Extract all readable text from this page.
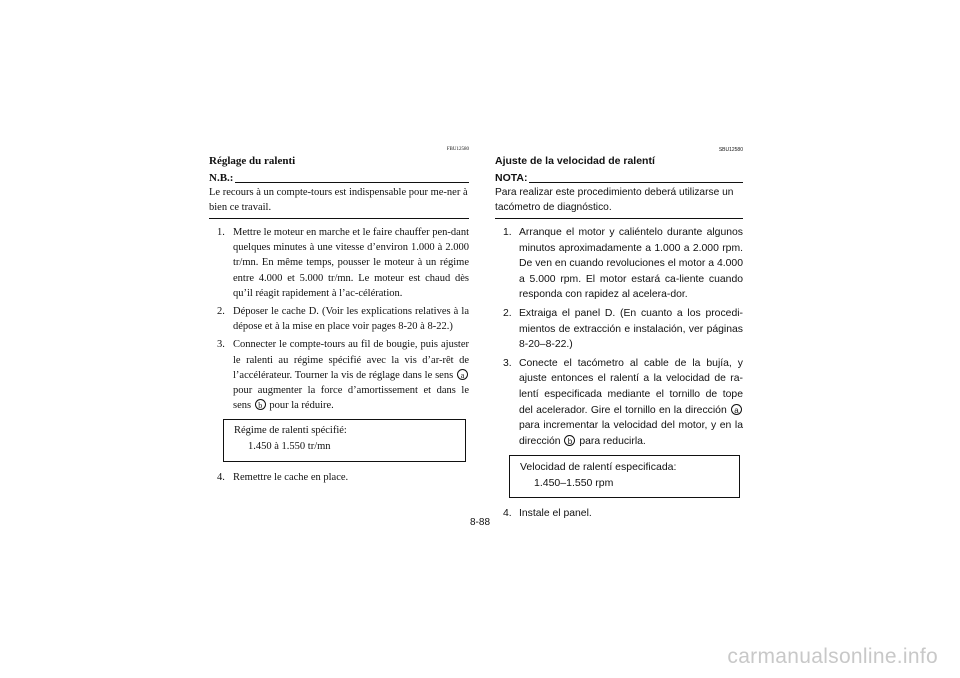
FBU12580
Réglage du ralenti
N.B.:
Le recours à un compte-tours est indispensable pour me-ner à bien ce travail.
1. Mettre le moteur en marche et le faire chauffer pen-dant quelques minutes à une vitesse d’environ 1.000 à 2.000 tr/mn. En même temps, pousser le moteur à un régime entre 4.000 et 5.000 tr/mn. Le moteur est chaud dès qu’il réagit rapidement à l’ac-célération.
2. Déposer le cache D. (Voir les explications relatives à la dépose et à la mise en place voir pages 8-20 à 8-22.)
3. Connecter le compte-tours au fil de bougie, puis ajuster le ralenti au régime spécifié avec la vis d’ar-rêt de l’accélérateur. Tourner la vis de réglage dans le sens a pour augmenter la force d’amortissement et dans le sens b pour la réduire.
Régime de ralenti spécifié:
1.450 à 1.550 tr/mn
4. Remettre le cache en place.
SBU12580
Ajuste de la velocidad de ralentí
NOTA:
Para realizar este procedimiento deberá utilizarse un tacómetro de diagnóstico.
1. Arranque el motor y caliéntelo durante algunos minutos aproximadamente a 1.000 a 2.000 rpm. De ven en cuando revoluciones el motor a 4.000 a 5.000 rpm. El motor estará ca-liente cuando responda con rapidez al acelera-dor.
2. Extraiga el panel D. (En cuanto a los procedi-mientos de extracción e instalación, ver páginas 8-20–8-22.)
3. Conecte el tacómetro al cable de la bujía, y ajuste entonces el ralentí a la velocidad de ra-lentí especificada mediante el tornillo de tope del acelerador. Gire el tornillo en la dirección a para incrementar la velocidad del motor, y en la dirección b para reducirla.
Velocidad de ralentí especificada:
1.450–1.550 rpm
4. Instale el panel.
8-88
carmanualsonline.info
